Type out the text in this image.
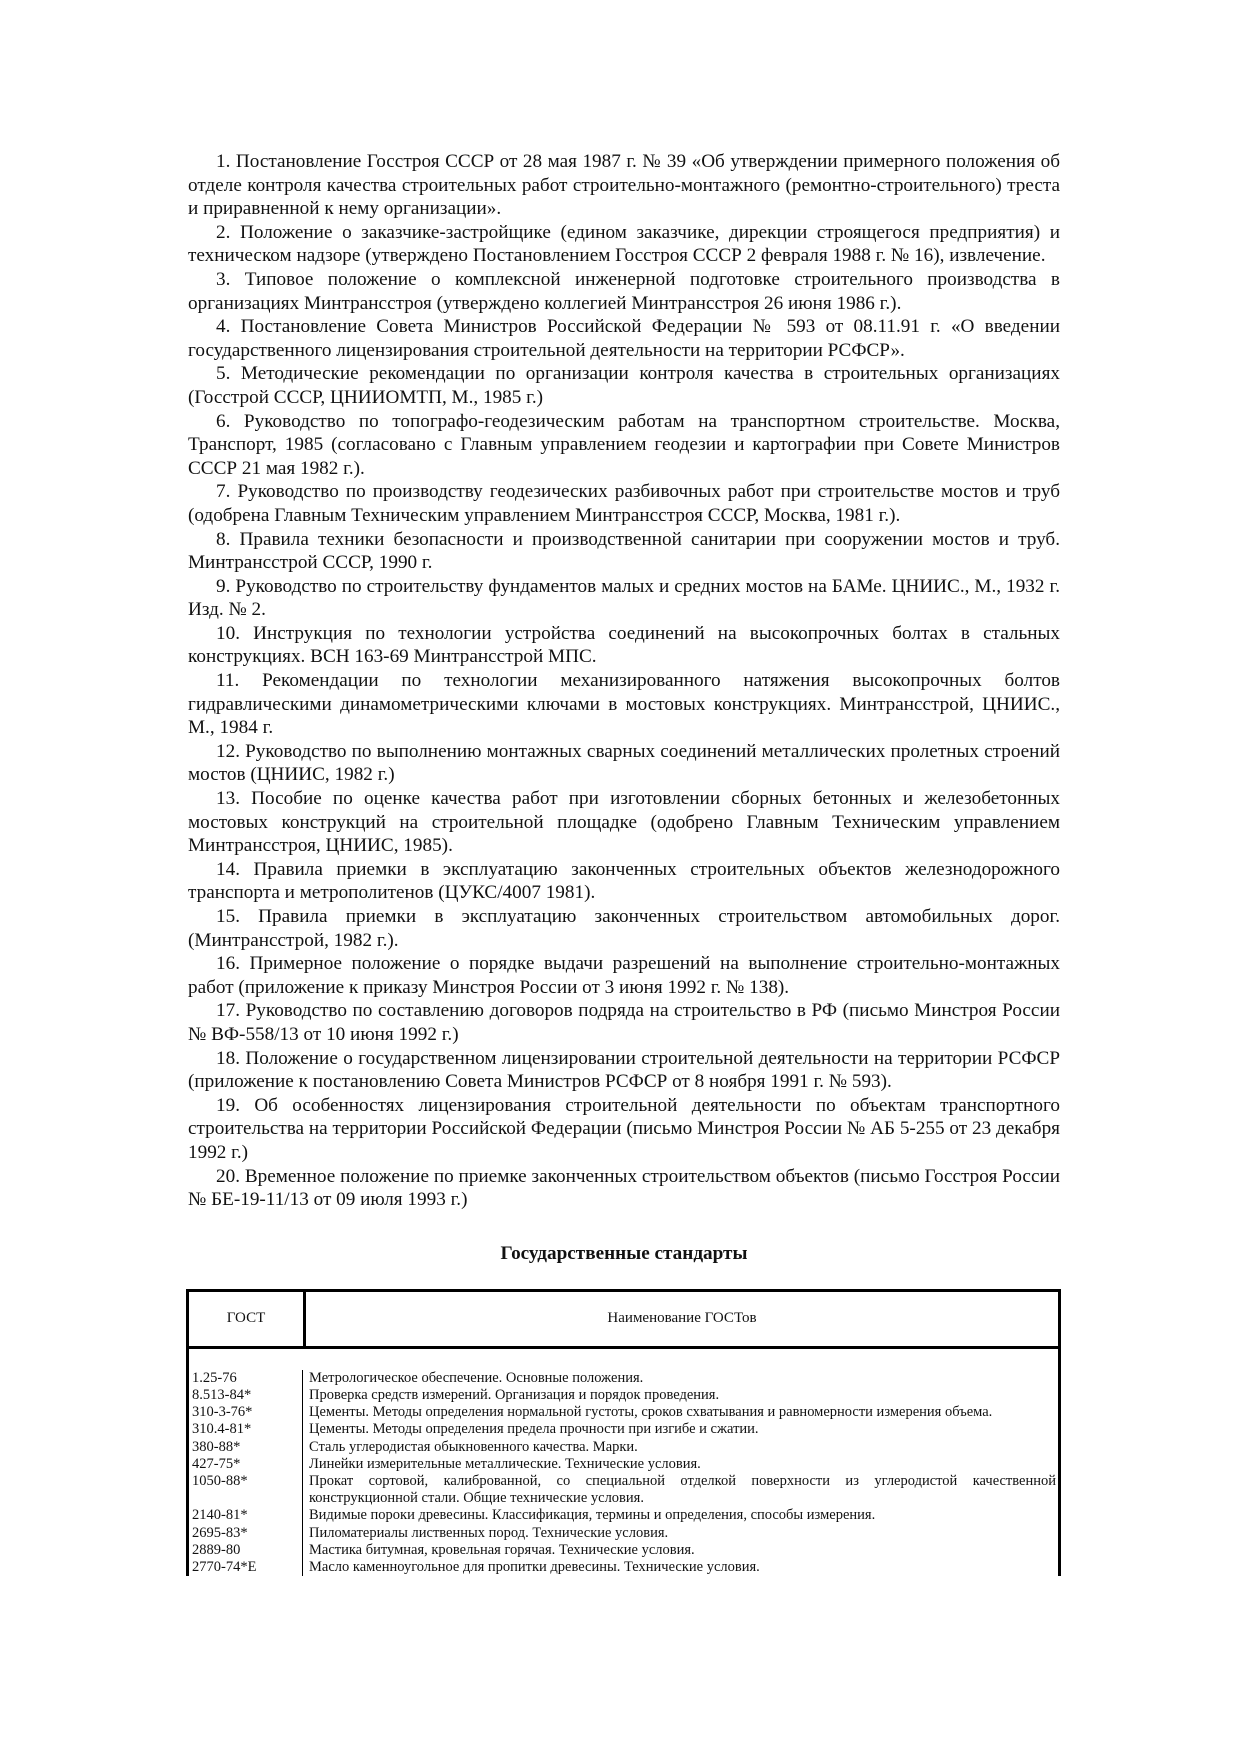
1. Постановление Госстроя СССР от 28 мая 1987 г. № 39 «Об утверждении примерного положения об отделе контроля качества строительных работ строительно-монтажного (ремонтно-строительного) треста и приравненной к нему организации».

2. Положение о заказчике-застройщике (едином заказчике, дирекции строящегося предприятия) и техническом надзоре (утверждено Постановлением Госстроя СССР 2 февраля 1988 г. № 16), извлечение.

3. Типовое положение о комплексной инженерной подготовке строительного производства в организациях Минтрансстроя (утверждено коллегией Минтрансстроя 26 июня 1986 г.).

4. Постановление Совета Министров Российской Федерации № 593 от 08.11.91 г. «О введении государственного лицензирования строительной деятельности на территории РСФСР».

5. Методические рекомендации по организации контроля качества в строительных организациях (Госстрой СССР, ЦНИИОМТП, М., 1985 г.)

6. Руководство по топографо-геодезическим работам на транспортном строительстве. Москва, Транспорт, 1985 (согласовано с Главным управлением геодезии и картографии при Совете Министров СССР 21 мая 1982 г.).

7. Руководство по производству геодезических разбивочных работ при строительстве мостов и труб (одобрена Главным Техническим управлением Минтрансстроя СССР, Москва, 1981 г.).

8. Правила техники безопасности и производственной санитарии при сооружении мостов и труб. Минтрансстрой СССР, 1990 г.

9. Руководство по строительству фундаментов малых и средних мостов на БАМе. ЦНИИС., М., 1932 г. Изд. № 2.

10. Инструкция по технологии устройства соединений на высокопрочных болтах в стальных конструкциях. ВСН 163-69 Минтрансстрой МПС.

11. Рекомендации по технологии механизированного натяжения высокопрочных болтов гидравлическими динамометрическими ключами в мостовых конструкциях. Минтрансстрой, ЦНИИС., М., 1984 г.

12. Руководство по выполнению монтажных сварных соединений металлических пролетных строений мостов (ЦНИИС, 1982 г.)

13. Пособие по оценке качества работ при изготовлении сборных бетонных и железобетонных мостовых конструкций на строительной площадке (одобрено Главным Техническим управлением Минтрансстроя, ЦНИИС, 1985).

14. Правила приемки в эксплуатацию законченных строительных объектов железнодорожного транспорта и метрополитенов (ЦУКС/4007 1981).

15. Правила приемки в эксплуатацию законченных строительством автомобильных дорог. (Минтрансстрой, 1982 г.).

16. Примерное положение о порядке выдачи разрешений на выполнение строительно-монтажных работ (приложение к приказу Минстроя России от 3 июня 1992 г. № 138).

17. Руководство по составлению договоров подряда на строительство в РФ (письмо Минстроя России № ВФ-558/13 от 10 июня 1992 г.)

18. Положение о государственном лицензировании строительной деятельности на территории РСФСР (приложение к постановлению Совета Министров РСФСР от 8 ноября 1991 г. № 593).

19. Об особенностях лицензирования строительной деятельности по объектам транспортного строительства на территории Российской Федерации (письмо Минстроя России № АБ 5-255 от 23 декабря 1992 г.)

20. Временное положение по приемке законченных строительством объектов (письмо Госстроя России № БЕ-19-11/13 от 09 июля 1993 г.)

Государственные стандарты
ГОСТ	Наименование ГОСТов
1.25-76	Метрологическое обеспечение. Основные положения.
8.513-84*	Проверка средств измерений. Организация и порядок проведения.
310-3-76*	Цементы. Методы определения нормальной густоты, сроков схватывания и равномерности измерения объема.
310.4-81*	Цементы. Методы определения предела прочности при изгибе и сжатии.
380-88*	Сталь углеродистая обыкновенного качества. Марки.
427-75*	Линейки измерительные металлические. Технические условия.
1050-88*	Прокат сортовой, калиброванной, со специальной отделкой поверхности из углеродистой качественной конструкционной стали. Общие технические условия.
2140-81*	Видимые пороки древесины. Классификация, термины и определения, способы измерения.
2695-83*	Пиломатериалы лиственных пород. Технические условия.
2889-80	Мастика битумная, кровельная горячая. Технические условия.
2770-74*Е	Масло каменноугольное для пропитки древесины. Технические условия.
